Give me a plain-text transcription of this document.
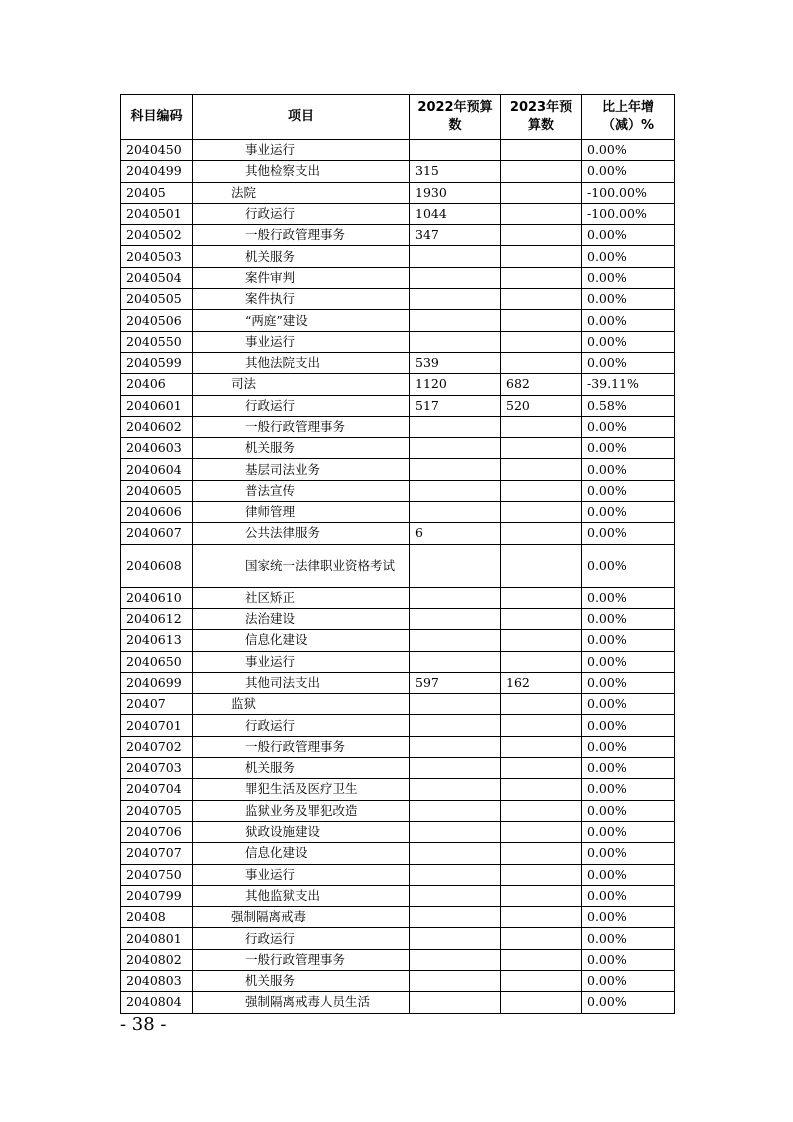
科目编码	项目	2022年预算数	2023年预算数	比上年增（减）%
2040450	事业运行			0.00%
2040499	其他检察支出	315		0.00%
20405	法院	1930		-100.00%
2040501	行政运行	1044		-100.00%
2040502	一般行政管理事务	347		0.00%
2040503	机关服务			0.00%
2040504	案件审判			0.00%
2040505	案件执行			0.00%
2040506	“两庭”建设			0.00%
2040550	事业运行			0.00%
2040599	其他法院支出	539		0.00%
20406	司法	1120	682	-39.11%
2040601	行政运行	517	520	0.58%
2040602	一般行政管理事务			0.00%
2040603	机关服务			0.00%
2040604	基层司法业务			0.00%
2040605	普法宣传			0.00%
2040606	律师管理			0.00%
2040607	公共法律服务	6		0.00%
2040608	国家统一法律职业资格考试			0.00%
2040610	社区矫正			0.00%
2040612	法治建设			0.00%
2040613	信息化建设			0.00%
2040650	事业运行			0.00%
2040699	其他司法支出	597	162	0.00%
20407	监狱			0.00%
2040701	行政运行			0.00%
2040702	一般行政管理事务			0.00%
2040703	机关服务			0.00%
2040704	罪犯生活及医疗卫生			0.00%
2040705	监狱业务及罪犯改造			0.00%
2040706	狱政设施建设			0.00%
2040707	信息化建设			0.00%
2040750	事业运行			0.00%
2040799	其他监狱支出			0.00%
20408	强制隔离戒毒			0.00%
2040801	行政运行			0.00%
2040802	一般行政管理事务			0.00%
2040803	机关服务			0.00%
2040804	强制隔离戒毒人员生活			0.00%
- 38 -
